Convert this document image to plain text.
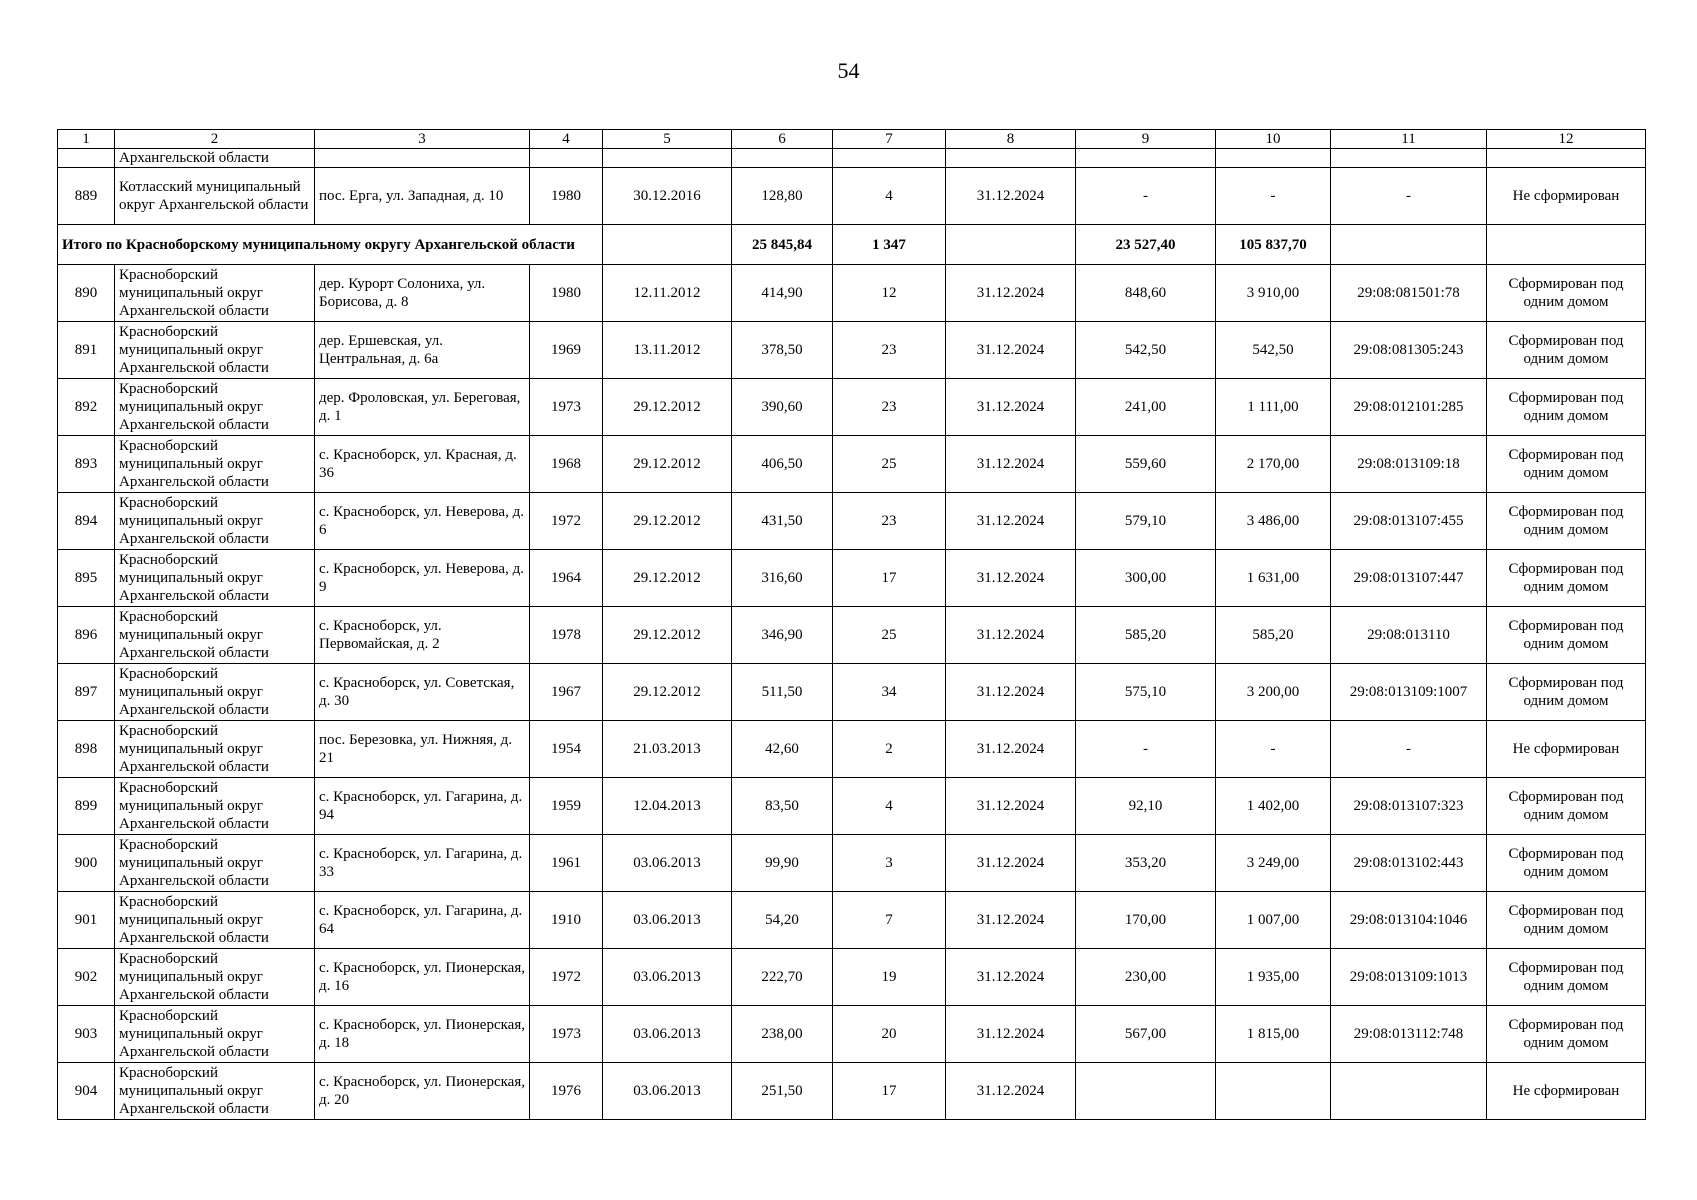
54
1	2	3	4	5	6	7	8	9	10	11	12
	Архангельской области										
889	Котласский муниципальный округ Архангельской области	пос. Ерга, ул. Западная, д. 10	1980	30.12.2016	128,80	4	31.12.2024	-	-	-	Не сформирован
Итого по Красноборскому муниципальному округу Архангельской области					25 845,84	1 347		23 527,40	105 837,70		
890	Красноборский муниципальный округ Архангельской области	дер. Курорт Солониха, ул. Борисова, д. 8	1980	12.11.2012	414,90	12	31.12.2024	848,60	3 910,00	29:08:081501:78	Сформирован под одним домом
891	Красноборский муниципальный округ Архангельской области	дер. Ершевская, ул. Центральная, д. 6а	1969	13.11.2012	378,50	23	31.12.2024	542,50	542,50	29:08:081305:243	Сформирован под одним домом
892	Красноборский муниципальный округ Архангельской области	дер. Фроловская, ул. Береговая, д. 1	1973	29.12.2012	390,60	23	31.12.2024	241,00	1 111,00	29:08:012101:285	Сформирован под одним домом
893	Красноборский муниципальный округ Архангельской области	с. Красноборск, ул. Красная, д. 36	1968	29.12.2012	406,50	25	31.12.2024	559,60	2 170,00	29:08:013109:18	Сформирован под одним домом
894	Красноборский муниципальный округ Архангельской области	с. Красноборск, ул. Неверова, д. 6	1972	29.12.2012	431,50	23	31.12.2024	579,10	3 486,00	29:08:013107:455	Сформирован под одним домом
895	Красноборский муниципальный округ Архангельской области	с. Красноборск, ул. Неверова, д. 9	1964	29.12.2012	316,60	17	31.12.2024	300,00	1 631,00	29:08:013107:447	Сформирован под одним домом
896	Красноборский муниципальный округ Архангельской области	с. Красноборск, ул. Первомайская, д. 2	1978	29.12.2012	346,90	25	31.12.2024	585,20	585,20	29:08:013110	Сформирован под одним домом
897	Красноборский муниципальный округ Архангельской области	с. Красноборск, ул. Советская, д. 30	1967	29.12.2012	511,50	34	31.12.2024	575,10	3 200,00	29:08:013109:1007	Сформирован под одним домом
898	Красноборский муниципальный округ Архангельской области	пос. Березовка, ул. Нижняя, д. 21	1954	21.03.2013	42,60	2	31.12.2024	-	-	-	Не сформирован
899	Красноборский муниципальный округ Архангельской области	с. Красноборск, ул. Гагарина, д. 94	1959	12.04.2013	83,50	4	31.12.2024	92,10	1 402,00	29:08:013107:323	Сформирован под одним домом
900	Красноборский муниципальный округ Архангельской области	с. Красноборск, ул. Гагарина, д. 33	1961	03.06.2013	99,90	3	31.12.2024	353,20	3 249,00	29:08:013102:443	Сформирован под одним домом
901	Красноборский муниципальный округ Архангельской области	с. Красноборск, ул. Гагарина, д. 64	1910	03.06.2013	54,20	7	31.12.2024	170,00	1 007,00	29:08:013104:1046	Сформирован под одним домом
902	Красноборский муниципальный округ Архангельской области	с. Красноборск, ул. Пионерская, д. 16	1972	03.06.2013	222,70	19	31.12.2024	230,00	1 935,00	29:08:013109:1013	Сформирован под одним домом
903	Красноборский муниципальный округ Архангельской области	с. Красноборск, ул. Пионерская, д. 18	1973	03.06.2013	238,00	20	31.12.2024	567,00	1 815,00	29:08:013112:748	Сформирован под одним домом
904	Красноборский муниципальный округ Архангельской области	с. Красноборск, ул. Пионерская, д. 20	1976	03.06.2013	251,50	17	31.12.2024				Не сформирован
